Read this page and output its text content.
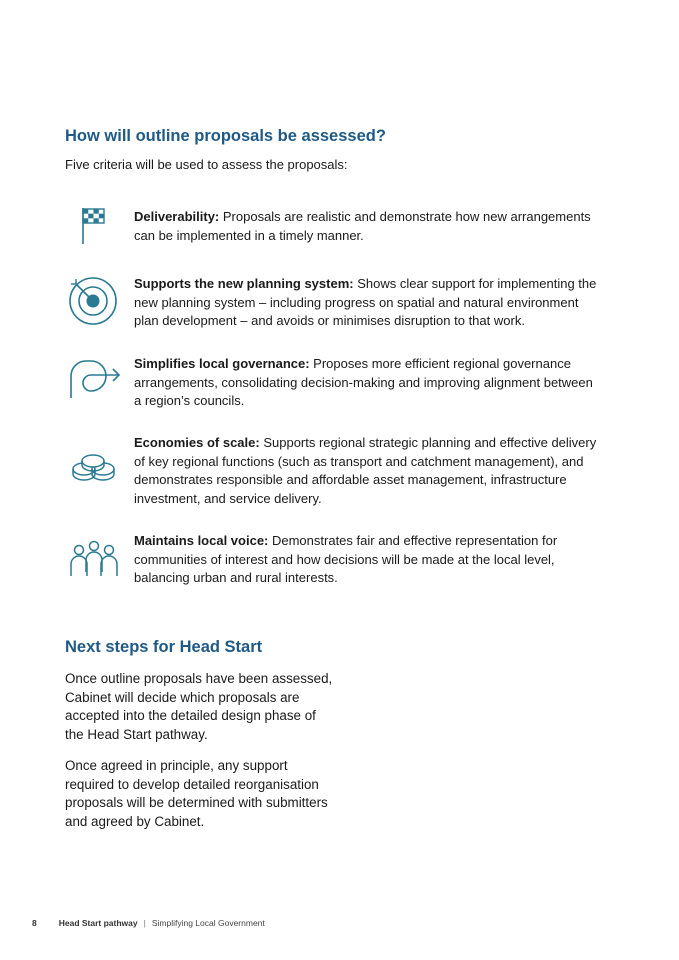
How will outline proposals be assessed?

Five criteria will be used to assess the proposals:

Deliverability: Proposals are realistic and demonstrate how new arrangements can be implemented in a timely manner.

Supports the new planning system: Shows clear support for implementing the new planning system – including progress on spatial and natural environment plan development – and avoids or minimises disruption to that work.

Simplifies local governance: Proposes more efficient regional governance arrangements, consolidating decision-making and improving alignment between a region’s councils.

Economies of scale: Supports regional strategic planning and effective delivery of key regional functions (such as transport and catchment management), and demonstrates responsible and affordable asset management, infrastructure investment, and service delivery.

Maintains local voice: Demonstrates fair and effective representation for communities of interest and how decisions will be made at the local level, balancing urban and rural interests.

Next steps for Head Start

Once outline proposals have been assessed, Cabinet will decide which proposals are accepted into the detailed design phase of the Head Start pathway.

Once agreed in principle, any support required to develop detailed reorganisation proposals will be determined with submitters and agreed by Cabinet.

8	Head Start pathway | Simplifying Local Government
